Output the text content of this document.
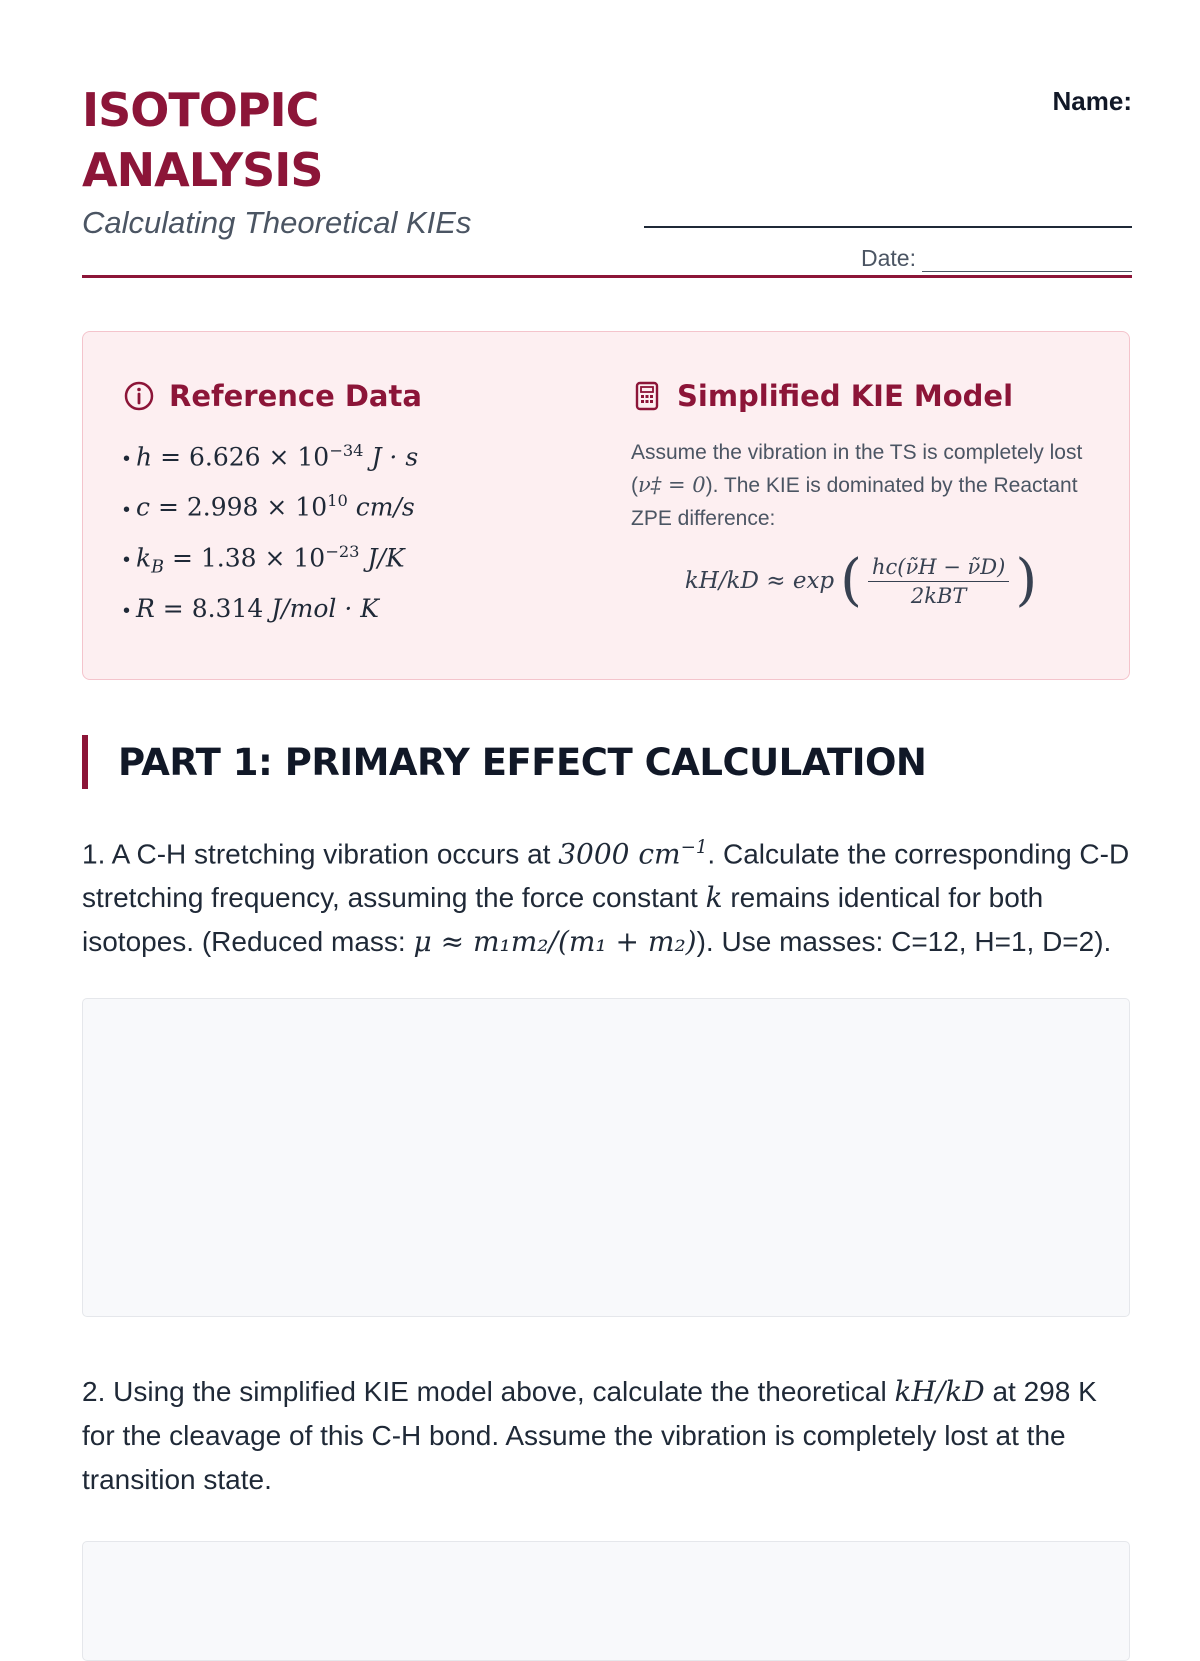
ISOTOPIC
ANALYSIS
Calculating Theoretical KIEs
Name:
Date:
Reference Data
• $h = 6.626 \times 10^{-34}$ J · s
• $c = 2.998 \times 10^{10}$ cm/s
• $k_B = 1.38 \times 10^{-23}$ J/K
• R = 8.314 J/mol · K
Simplified KIE Model
Assume the vibration in the TS is completely lost (ν‡ = 0). The KIE is dominated by the Reactant ZPE difference:
kH/kD ≈ exp ( $\frac{hc(\nũH - \nũD)}{\text{2kBT}}$ )
PART 1: PRIMARY EFFECT CALCULATION
1. A C-H stretching vibration occurs at 3000 $cm^{-1}$. Calculate the corresponding C-D stretching frequency, assuming the force constant k remains identical for both isotopes. (Reduced mass: μ ≈ m₁m₂/(m₁ + m₂)). Use masses: C=12, H=1, D=2).
2. Using the simplified KIE model above, calculate the theoretical kH/kD at 298 K for the cleavage of this C-H bond. Assume the vibration is completely lost at the transition state.
